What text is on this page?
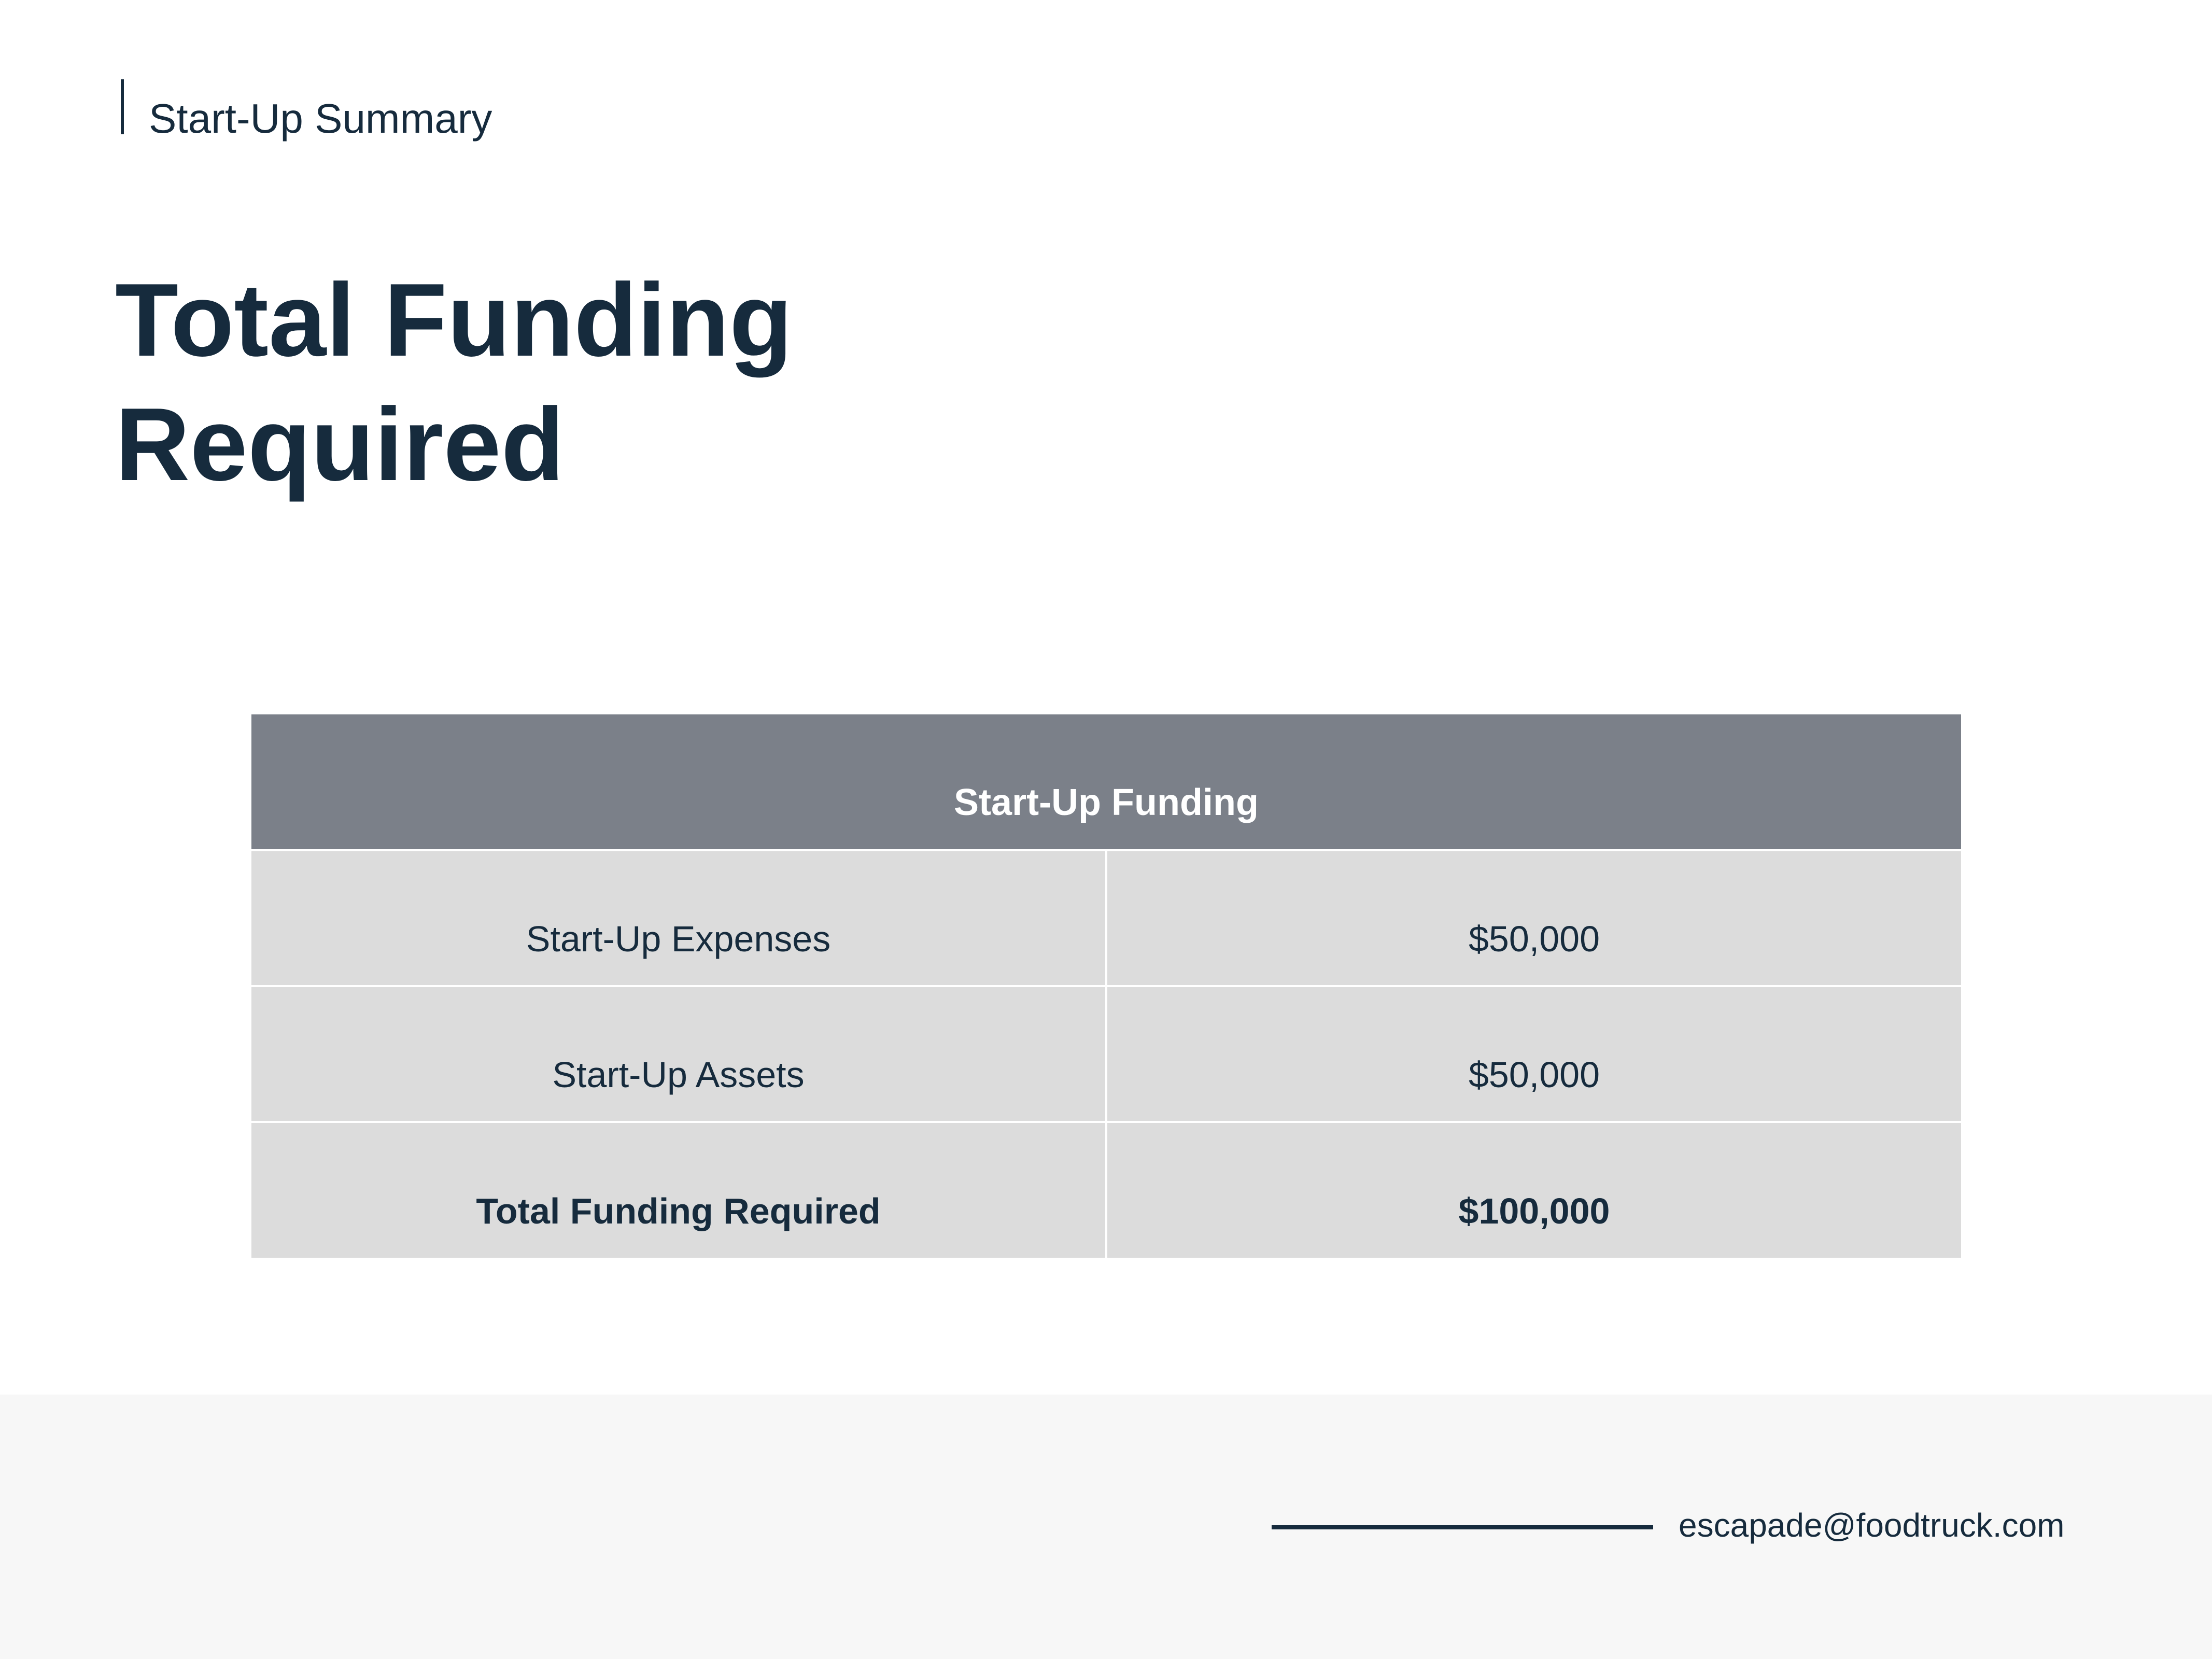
Start-Up Summary
Total Funding
Required
Start-Up Funding	
Start-Up Expenses	$50,000
Start-Up Assets	$50,000
Total Funding Required	$100,000
escapade@foodtruck.com
